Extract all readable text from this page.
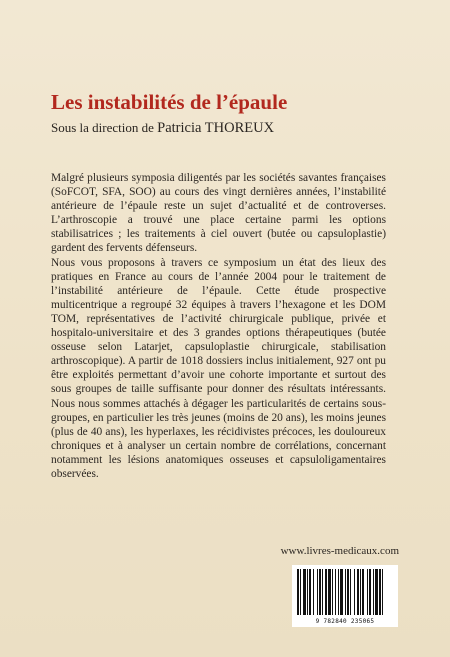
Les instabilités de l’épaule
Sous la direction de Patricia THOREUX

Malgré plusieurs symposia diligentés par les sociétés savantes françaises (SoFCOT, SFA, SOO) au cours des vingt dernières années, l’instabilité antérieure de l’épaule reste un sujet d’actualité et de controverses. L’arthroscopie a trouvé une place certaine parmi les options stabilisatrices ; les traitements à ciel ouvert (butée ou capsuloplastie) gardent des fervents défenseurs.

Nous vous proposons à travers ce symposium un état des lieux des pratiques en France au cours de l’année 2004 pour le traitement de l’instabilité antérieure de l’épaule. Cette étude prospective multicentrique a regroupé 32 équipes à travers l’hexagone et les DOM TOM, représentatives de l’activité chirurgicale publique, privée et hospitalo-universitaire et des 3 grandes options thérapeutiques (butée osseuse selon Latarjet, capsuloplastie chirurgicale, stabilisation arthroscopique). A partir de 1018 dossiers inclus initialement, 927 ont pu être exploités permettant d’avoir une cohorte importante et surtout des sous groupes de taille suffisante pour donner des résultats intéressants. Nous nous sommes attachés à dégager les particularités de certains sous-groupes, en particulier les très jeunes (moins de 20 ans), les moins jeunes (plus de 40 ans), les hyperlaxes, les récidivistes précoces, les douloureux chroniques et à analyser un certain nombre de corrélations, concernant notamment les lésions anatomiques osseuses et capsuloligamentaires observées.

www.livres-medicaux.com
9 782840 235065
